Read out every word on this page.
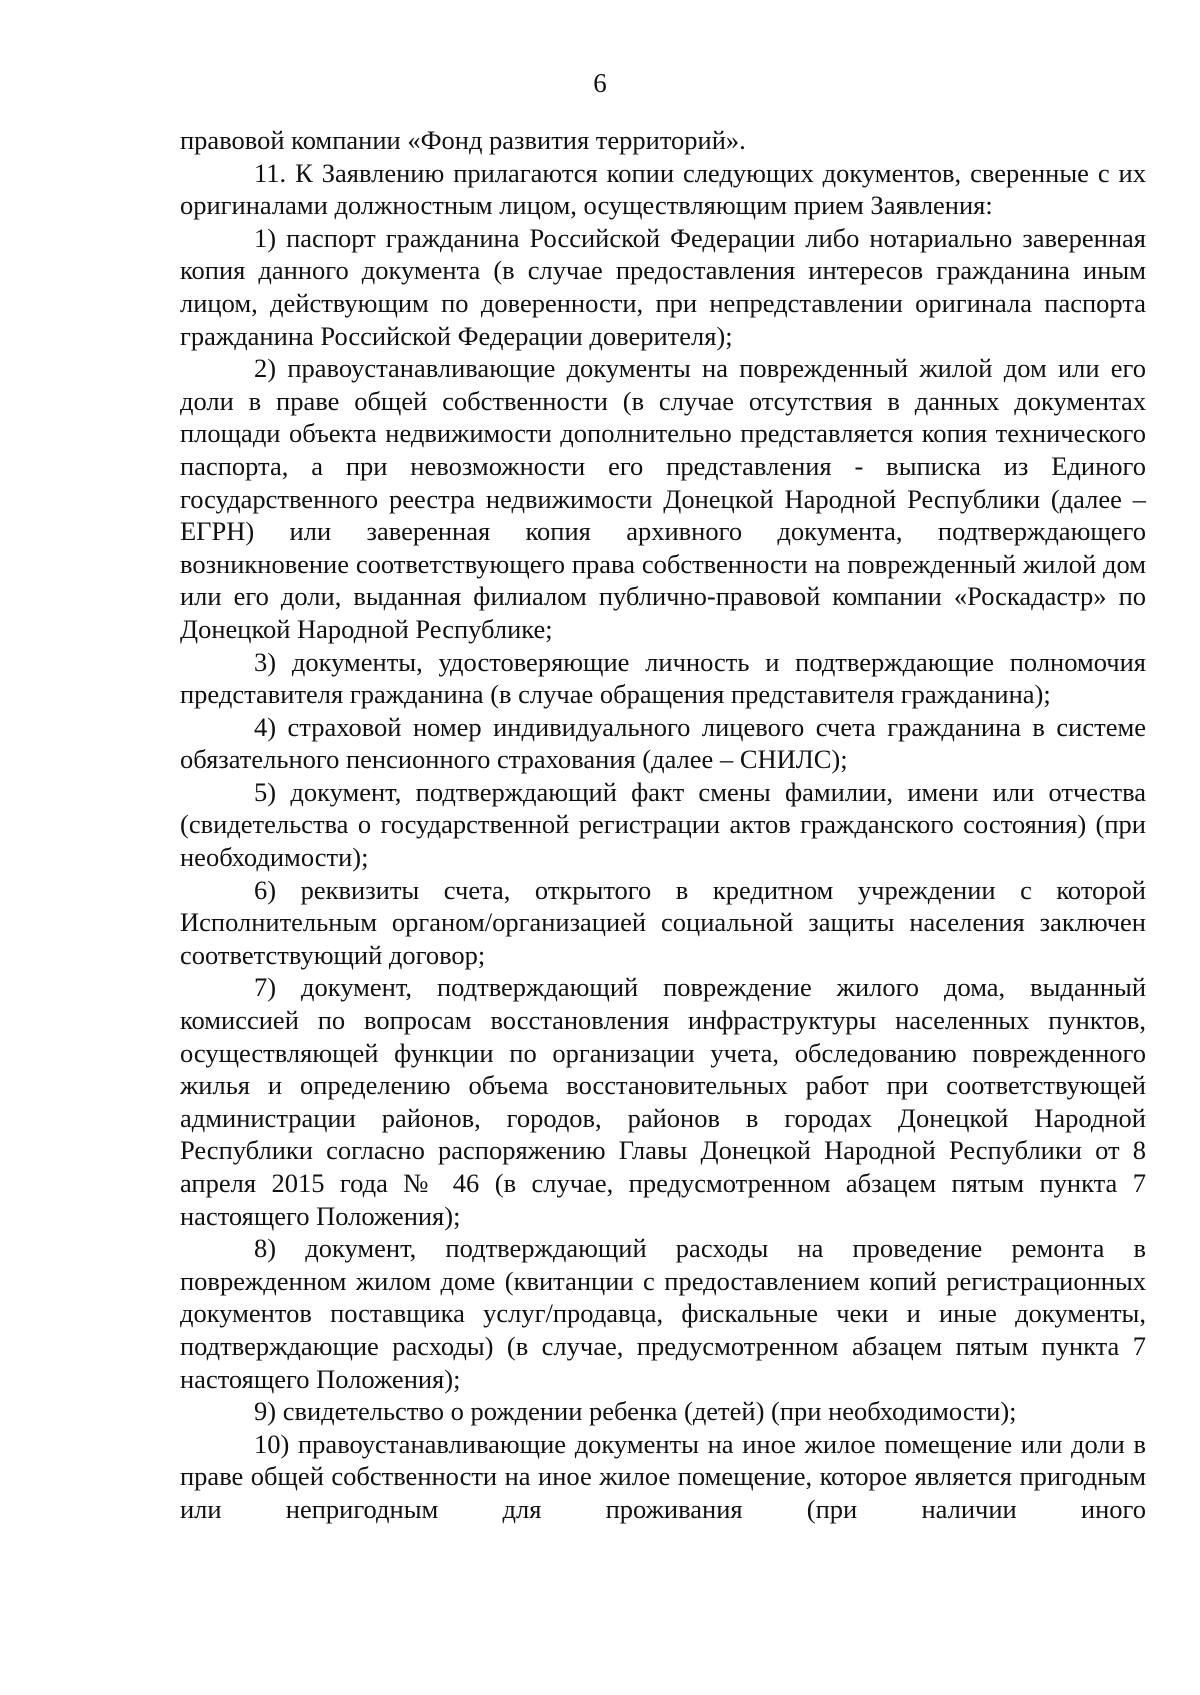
6

правовой компании «Фонд развития территорий».

11. К Заявлению прилагаются копии следующих документов, сверенные с их оригиналами должностным лицом, осуществляющим прием Заявления:

1) паспорт гражданина Российской Федерации либо нотариально заверенная копия данного документа (в случае предоставления интересов гражданина иным лицом, действующим по доверенности, при непредставлении оригинала паспорта гражданина Российской Федерации доверителя);

2) правоустанавливающие документы на поврежденный жилой дом или его доли в праве общей собственности (в случае отсутствия в данных документах площади объекта недвижимости дополнительно представляется копия технического паспорта, а при невозможности его представления - выписка из Единого государственного реестра недвижимости Донецкой Народной Республики (далее – ЕГРН) или заверенная копия архивного документа, подтверждающего возникновение соответствующего права собственности на поврежденный жилой дом или его доли, выданная филиалом публично-правовой компании «Роскадастр» по Донецкой Народной Республике;

3) документы, удостоверяющие личность и подтверждающие полномочия представителя гражданина (в случае обращения представителя гражданина);

4) страховой номер индивидуального лицевого счета гражданина в системе обязательного пенсионного страхования (далее – СНИЛС);

5) документ, подтверждающий факт смены фамилии, имени или отчества (свидетельства о государственной регистрации актов гражданского состояния) (при необходимости);

6) реквизиты счета, открытого в кредитном учреждении с которой Исполнительным органом/организацией социальной защиты населения заключен соответствующий договор;

7) документ, подтверждающий повреждение жилого дома, выданный комиссией по вопросам восстановления инфраструктуры населенных пунктов, осуществляющей функции по организации учета, обследованию поврежденного жилья и определению объема восстановительных работ при соответствующей администрации районов, городов, районов в городах Донецкой Народной Республики согласно распоряжению Главы Донецкой Народной Республики от 8 апреля 2015 года № 46 (в случае, предусмотренном абзацем пятым пункта 7 настоящего Положения);

8) документ, подтверждающий расходы на проведение ремонта в поврежденном жилом доме (квитанции с предоставлением копий регистрационных документов поставщика услуг/продавца, фискальные чеки и иные документы, подтверждающие расходы) (в случае, предусмотренном абзацем пятым пункта 7 настоящего Положения);

9) свидетельство о рождении ребенка (детей) (при необходимости);

10) правоустанавливающие документы на иное жилое помещение или доли в праве общей собственности на иное жилое помещение, которое является пригодным или непригодным для проживания (при наличии иного
